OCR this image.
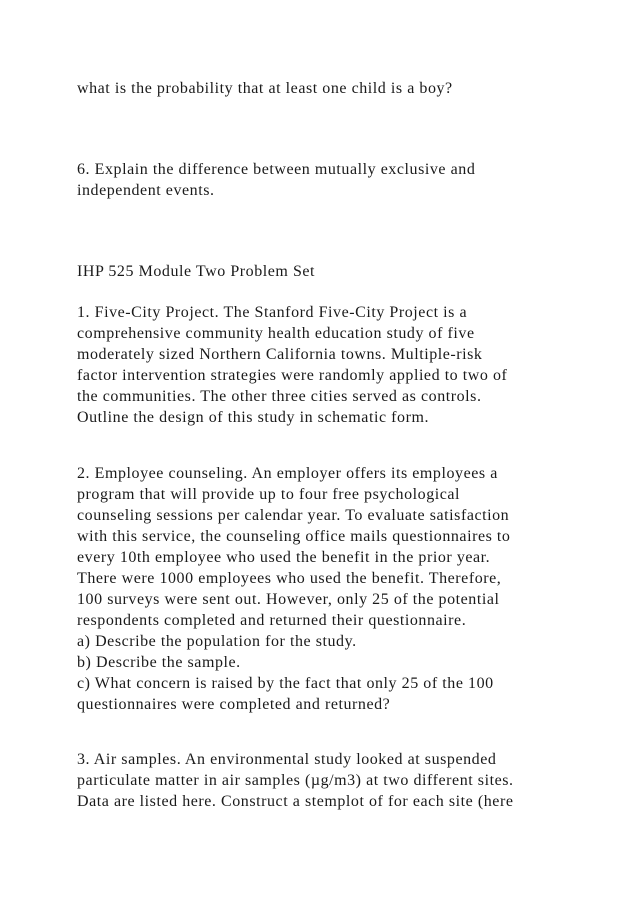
what is the probability that at least one child is a boy?

6. Explain the difference between mutually exclusive and
independent events.

IHP 525 Module Two Problem Set

1. Five-City Project. The Stanford Five-City Project is a
comprehensive community health education study of five
moderately sized Northern California towns. Multiple-risk
factor intervention strategies were randomly applied to two of
the communities. The other three cities served as controls.
Outline the design of this study in schematic form.

2. Employee counseling. An employer offers its employees a
program that will provide up to four free psychological
counseling sessions per calendar year. To evaluate satisfaction
with this service, the counseling office mails questionnaires to
every 10th employee who used the benefit in the prior year.
There were 1000 employees who used the benefit. Therefore,
100 surveys were sent out. However, only 25 of the potential
respondents completed and returned their questionnaire.
a) Describe the population for the study.
b) Describe the sample.
c) What concern is raised by the fact that only 25 of the 100
questionnaires were completed and returned?

3. Air samples. An environmental study looked at suspended
particulate matter in air samples (µg/m3) at two different sites.
Data are listed here. Construct a stemplot of for each site (here
